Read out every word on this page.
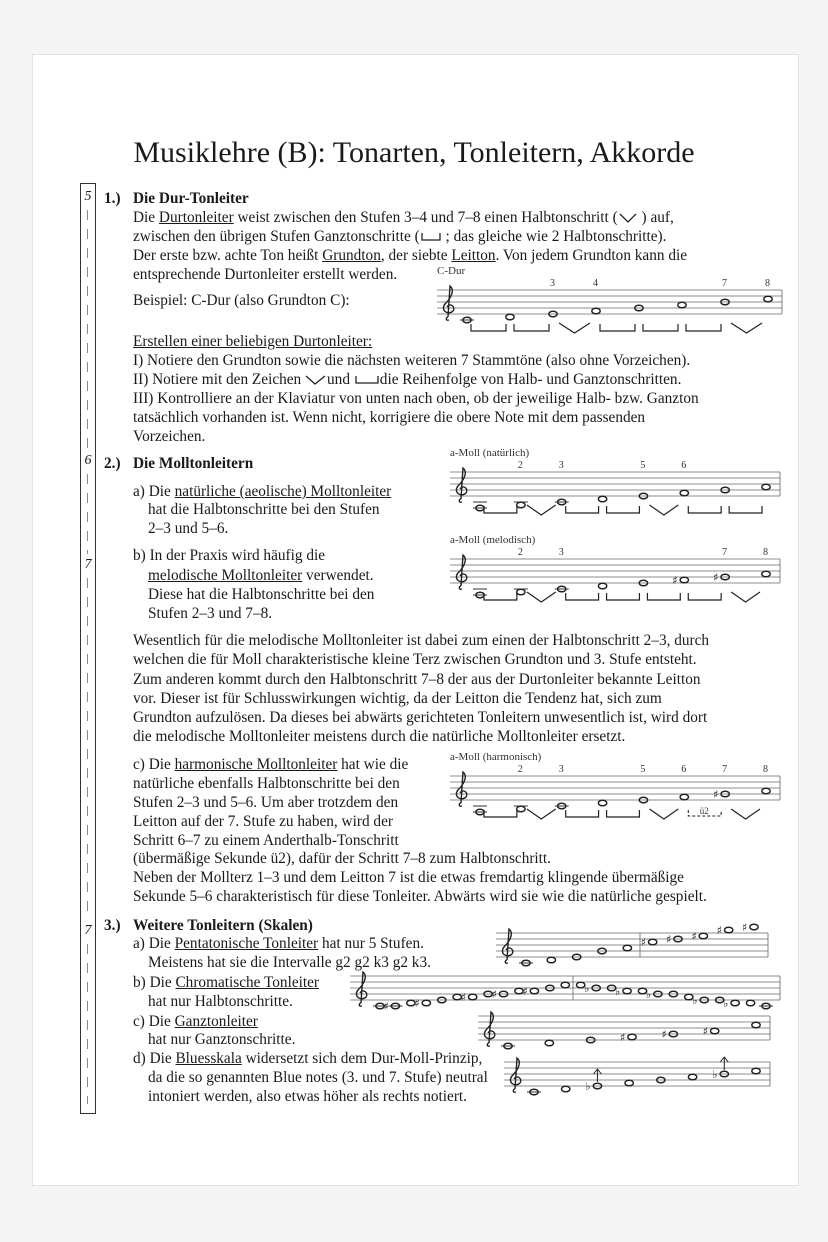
Musiklehre (B): Tonarten, Tonleitern, Akkorde
5
6
7
7
1.) Die Dur-Tonleiter
Die Durtonleiter weist zwischen den Stufen 3–4 und 7–8 einen Halbtonschritt ( ) auf,
zwischen den übrigen Stufen Ganztonschritte ( ; das gleiche wie 2 Halbtonschritte).
Der erste bzw. achte Ton heißt Grundton, der siebte Leitton. Von jedem Grundton kann die
entsprechende Durtonleiter erstellt werden.
Beispiel: C-Dur (also Grundton C):
Erstellen einer beliebigen Durtonleiter:
I) Notiere den Grundton sowie die nächsten weiteren 7 Stammtöne (also ohne Vorzeichen).
II) Notiere mit den Zeichen und die Reihenfolge von Halb- und Ganztonschritten.
III) Kontrolliere an der Klaviatur von unten nach oben, ob der jeweilige Halb- bzw. Ganzton
tatsächlich vorhanden ist. Wenn nicht, korrigiere die obere Note mit dem passenden
Vorzeichen.
2.) Die Molltonleitern
a) Die natürliche (aeolische) Molltonleiter
hat die Halbtonschritte bei den Stufen
2–3 und 5–6.
b) In der Praxis wird häufig die
melodische Molltonleiter verwendet.
Diese hat die Halbtonschritte bei den
Stufen 2–3 und 7–8.
Wesentlich für die melodische Molltonleiter ist dabei zum einen der Halbtonschritt 2–3, durch
welchen die für Moll charakteristische kleine Terz zwischen Grundton und 3. Stufe entsteht.
Zum anderen kommt durch den Halbtonschritt 7–8 der aus der Durtonleiter bekannte Leitton
vor. Dieser ist für Schlusswirkungen wichtig, da der Leitton die Tendenz hat, sich zum
Grundton aufzulösen. Da dieses bei abwärts gerichteten Tonleitern unwesentlich ist, wird dort
die melodische Molltonleiter meistens durch die natürliche Molltonleiter ersetzt.
c) Die harmonische Molltonleiter hat wie die
natürliche ebenfalls Halbtonschritte bei den
Stufen 2–3 und 5–6. Um aber trotzdem den
Leitton auf der 7. Stufe zu haben, wird der
Schritt 6–7 zu einem Anderthalb-Tonschritt
(übermäßige Sekunde ü2), dafür der Schritt 7–8 zum Halbtonschritt.
Neben der Mollterz 1–3 und dem Leitton 7 ist die etwas fremdartig klingende übermäßige
Sekunde 5–6 charakteristisch für diese Tonleiter. Abwärts wird sie wie die natürliche gespielt.
3.) Weitere Tonleitern (Skalen)
a) Die Pentatonische Tonleiter hat nur 5 Stufen.
Meistens hat sie die Intervalle g2 g2 k3 g2 k3.
b) Die Chromatische Tonleiter
hat nur Halbtonschritte.
c) Die Ganztonleiter
hat nur Ganztonschritte.
d) Die Bluesskala widersetzt sich dem Dur-Moll-Prinzip,
da die so genannten Blue notes (3. und 7. Stufe) neutral
intoniert werden, also etwas höher als rechts notiert.
C-Dur
3	4	7	8
a-Moll (natürlich)
2	3	5	6
a-Moll (melodisch)
2	3
♯	♯
7	8
a-Moll (harmonisch)
2	3	5	6
♯
7	8
ü2
♯ ♯ ♯ ♯ ♯
♯ ♯	♯ ♯ ♯	♭ ♭ ♭	♭ ♭
♯	♯	♯
♭
♭
